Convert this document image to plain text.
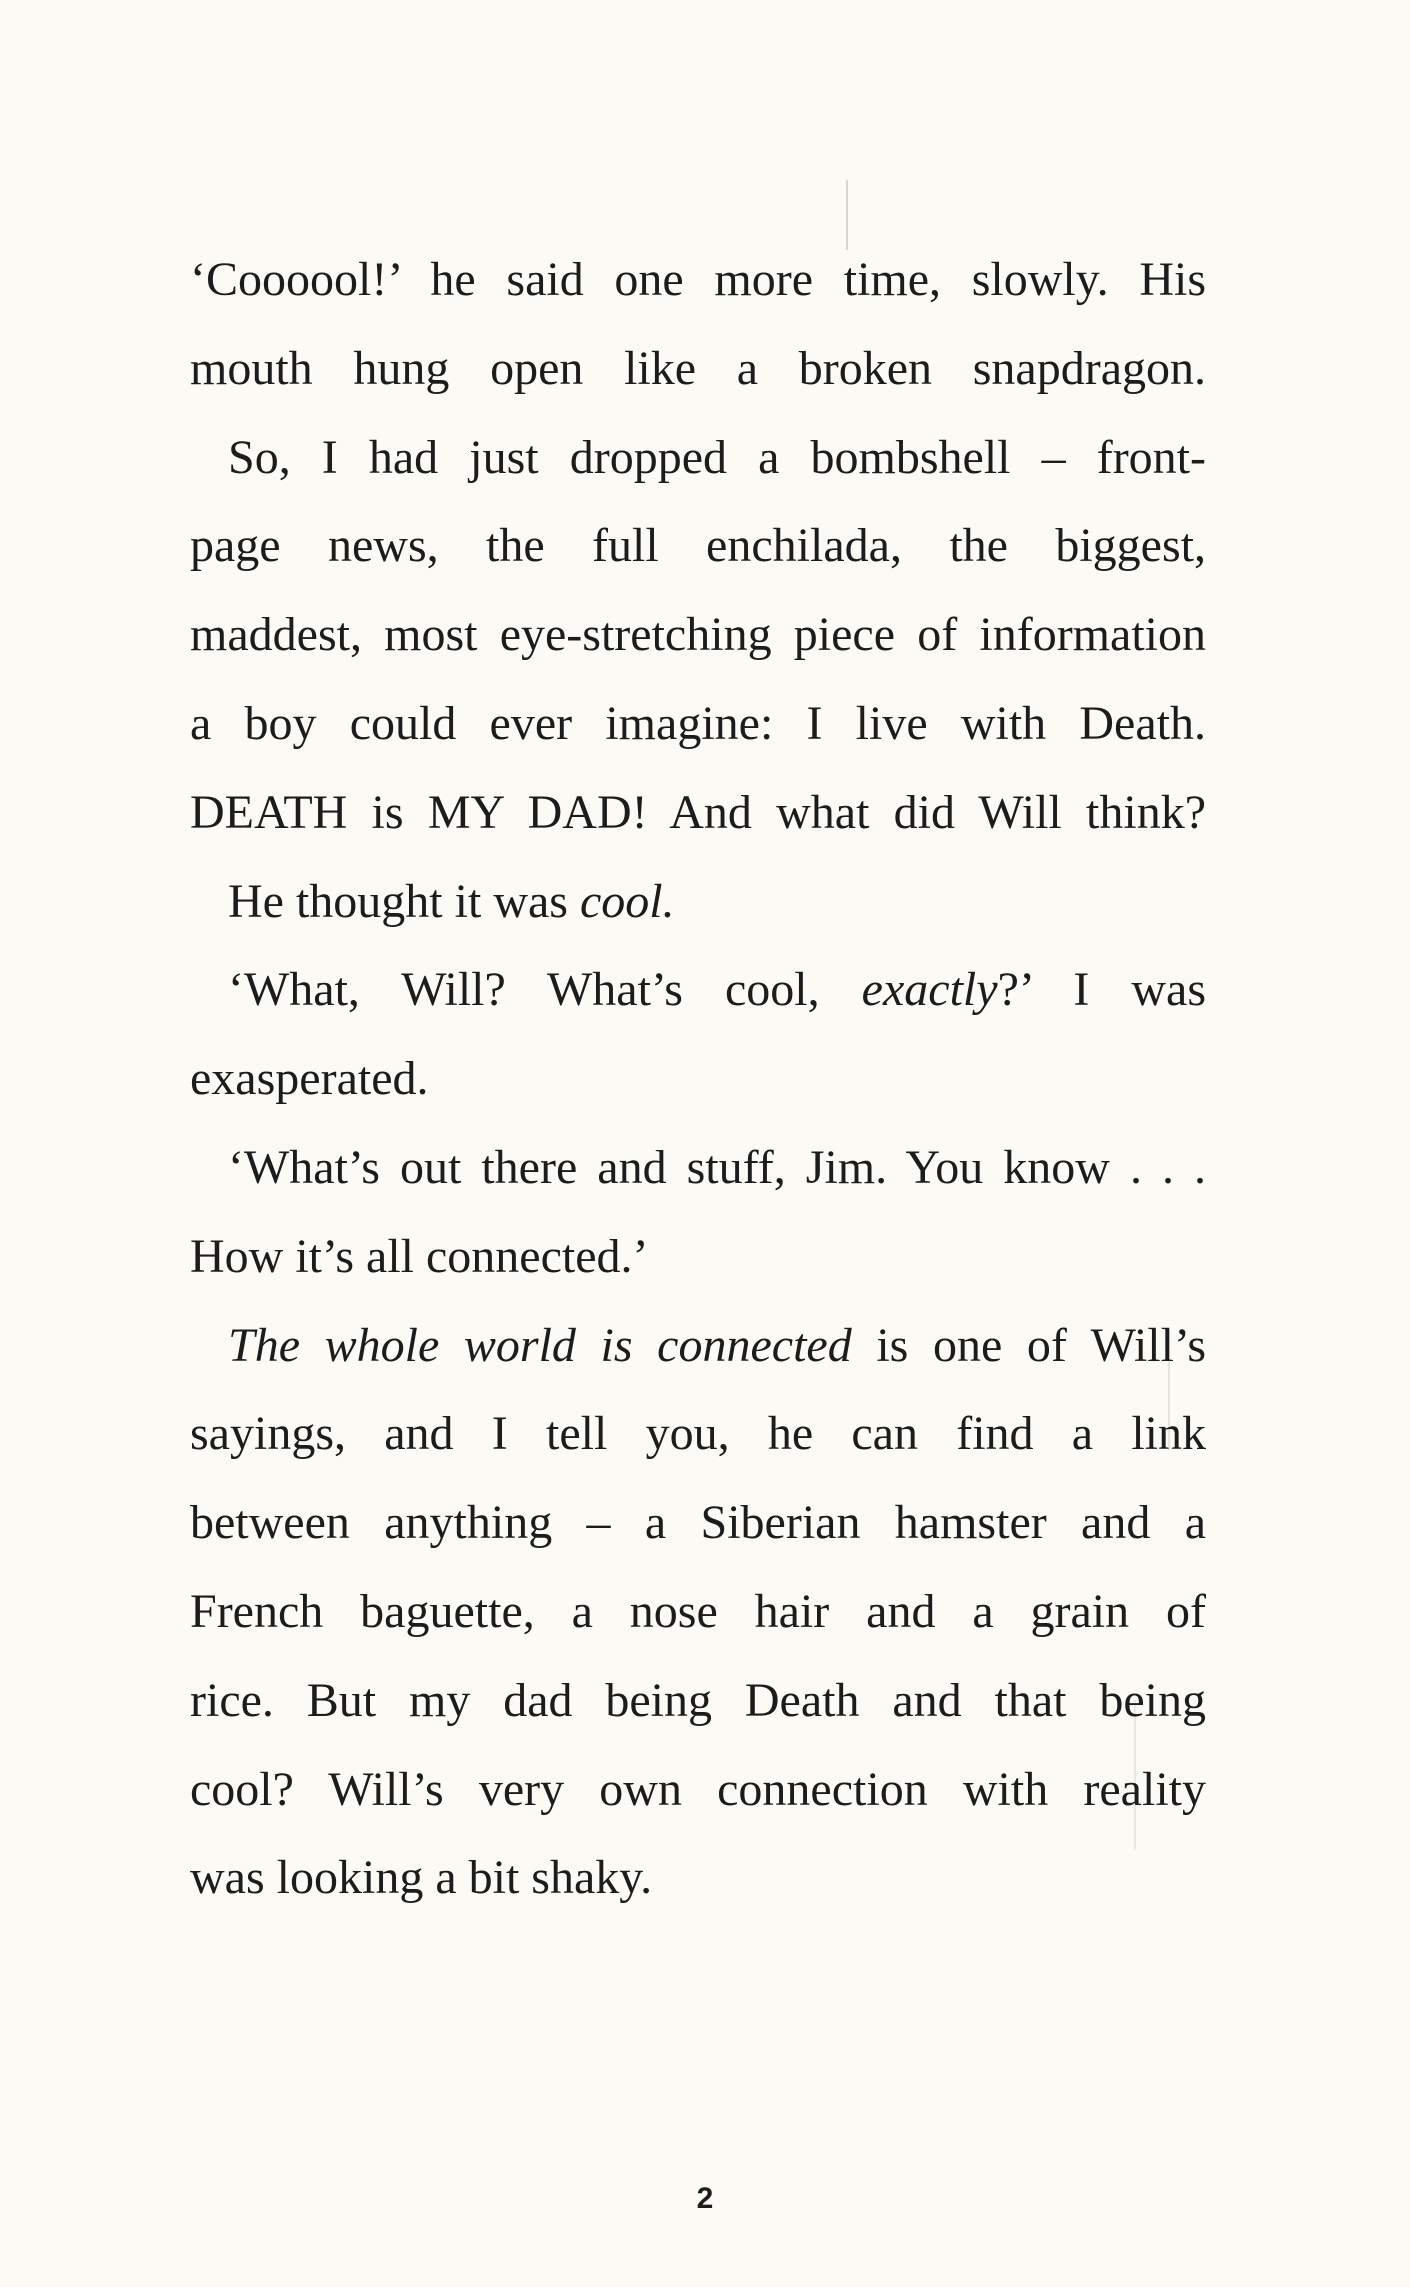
‘Coooool!’ he said one more time, slowly. His
mouth hung open like a broken snapdragon.
So, I had just dropped a bombshell – front-
page news, the full enchilada, the biggest,
maddest, most eye-stretching piece of information
a boy could ever imagine: I live with Death.
DEATH is MY DAD! And what did Will think?
He thought it was cool.
‘What, Will? What’s cool, exactly?’ I was
exasperated.
‘What’s out there and stuff, Jim. You know . . .
How it’s all connected.’
The whole world is connected is one of Will’s
sayings, and I tell you, he can find a link
between anything – a Siberian hamster and a
French baguette, a nose hair and a grain of
rice. But my dad being Death and that being
cool? Will’s very own connection with reality
was looking a bit shaky.
2
